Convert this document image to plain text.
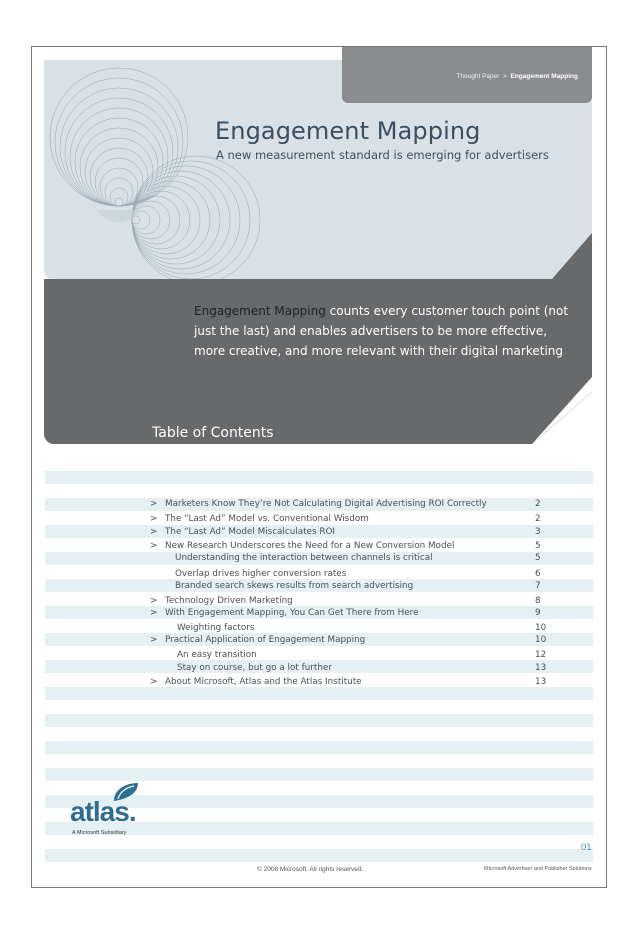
Thought Paper > Engagement Mapping
Engagement Mapping
A new measurement standard is emerging for advertisers
Engagement Mapping counts every customer touch point (not just the last) and enables advertisers to be more effective, more creative, and more relevant with their digital marketing
Table of Contents
> Marketers Know They’re Not Calculating Digital Advertising ROI Correctly	2
> The “Last Ad” Model vs. Conventional Wisdom	2
> The “Last Ad” Model Miscalculates ROI	3
> New Research Underscores the Need for a New Conversion Model	5
Understanding the interaction between channels is critical	5
Overlap drives higher conversion rates	6
Branded search skews results from search advertising	7
> Technology Driven Marketing	8
> With Engagement Mapping, You Can Get There from Here	9
Weighting factors	10
> Practical Application of Engagement Mapping	10
An easy transition	12
Stay on course, but go a lot further	13
> About Microsoft, Atlas and the Atlas Institute	13
atlas.
A Microsoft Subsidiary
01
© 2008 Microsoft. All rights reserved.	Microsoft Advertiser and Publisher Solutions
